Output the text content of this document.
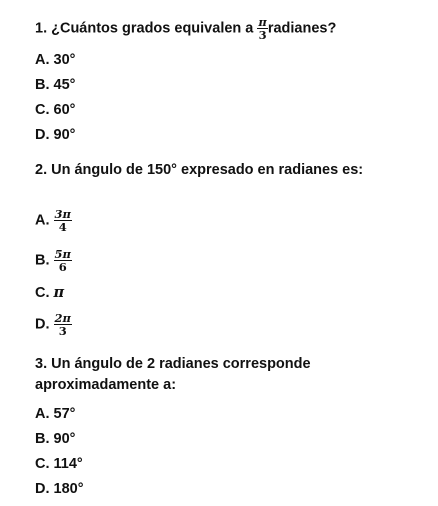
1. ¿Cuántos grados equivalen a $\frac{\pi}{3}$ radianes?
A. 30°
B. 45°
C. 60°
D. 90°
2. Un ángulo de 150° expresado en radianes es:
A. $\frac{3\pi}{4}$
B. $\frac{5\pi}{6}$
C. π
D. $\frac{2\pi}{3}$
3. Un ángulo de 2 radianes corresponde aproximadamente a:
A. 57°
B. 90°
C. 114°
D. 180°
